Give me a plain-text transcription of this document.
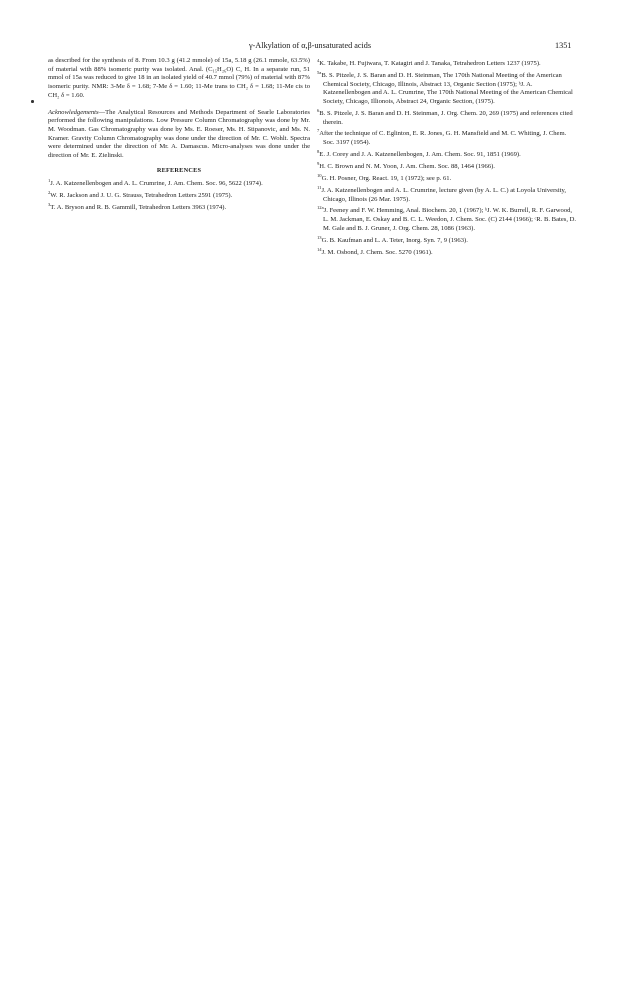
γ-Alkylation of α,β-unsaturated acids	1351

as described for the synthesis of 8. From 10.3 g (41.2 mmole) of 15a, 5.18 g (26.1 mmole, 63.5%) of material with 88% isomeric purity was isolated. Anal. (C₁₅H₂₆O) C, H. In a separate run, 51 mmol of 15a was reduced to give 18 in an isolated yield of 40.7 mmol (79%) of material with 87% isomeric purity. NMR: 3-Me δ = 1.68; 7-Me δ = 1.60; 11-Me trans to CH₂ δ = 1.68; 11-Me cis to CH₂ δ = 1.60.

Acknowledgements—The Analytical Resources and Methods Department of Searle Laboratories performed the following manipulations. Low Pressure Column Chromatography was done by Mr. M. Woodman. Gas Chromatography was done by Ms. E. Roeser, Ms. H. Stipanovic, and Ms. N. Kramer. Gravity Column Chromatography was done under the direction of Mr. C. Wohlt. Spectra were determined under the direction of Mr. A. Damascus. Micro-analyses was done under the direction of Mr. E. Zielinski.

REFERENCES

$^1$J. A. Katzenellenbogen and A. L. Crumrine, J. Am. Chem. Soc. 96, 5622 (1974).

$^2$W. R. Jackson and J. U. G. Strauss, Tetrahedron Letters 2591 (1975).

$^3$T. A. Bryson and R. B. Gammill, Tetrahedron Letters 3963 (1974).

$^4$K. Takabe, H. Fujiwara, T. Katagiri and J. Tanaka, Tetrahedron Letters 1237 (1975).

$^{5a}$B. S. Pitzele, J. S. Baran and D. H. Steinman, The 170th National Meeting of the American Chemical Society, Chicago, Illinois, Abstract 13, Organic Section (1975); ᵇJ. A. Katzenellenbogen and A. L. Crumrine, The 170th National Meeting of the American Chemical Society, Chicago, Illionois, Abstract 24, Organic Section, (1975).

$^6$B. S. Pitzele, J. S. Baran and D. H. Steinman, J. Org. Chem. 20, 269 (1975) and references cited therein.

$^7$After the technique of C. Eglinton, E. R. Jones, G. H. Mansfield and M. C. Whiting, J. Chem. Soc. 3197 (1954).

$^8$E. J. Corey and J. A. Katzenellenbogen, J. Am. Chem. Soc. 91, 1851 (1969).

$^9$H. C. Brown and N. M. Yoon, J. Am. Chem. Soc. 88, 1464 (1966).

$^{10}$G. H. Posner, Org. React. 19, 1 (1972); see p. 61.

$^{11}$J. A. Katzenellenbogen and A. L. Crumrine, lecture given (by A. L. C.) at Loyola University, Chicago, Illinois (26 Mar. 1975).

$^{12a}$J. Feeney and F. W. Hemming, Anal. Biochem. 20, 1 (1967); ᵇJ. W. K. Burrell, R. F. Garwood, L. M. Jackman, E. Oskay and B. C. L. Weedon, J. Chem. Soc. (C) 2144 (1966); ᶜR. B. Bates, D. M. Gale and B. J. Gruner, J. Org. Chem. 28, 1086 (1963).

$^{13}$G. B. Kaufman and L. A. Teter, Inorg. Syn. 7, 9 (1963).

$^{14}$J. M. Osbond, J. Chem. Soc. 5270 (1961).
